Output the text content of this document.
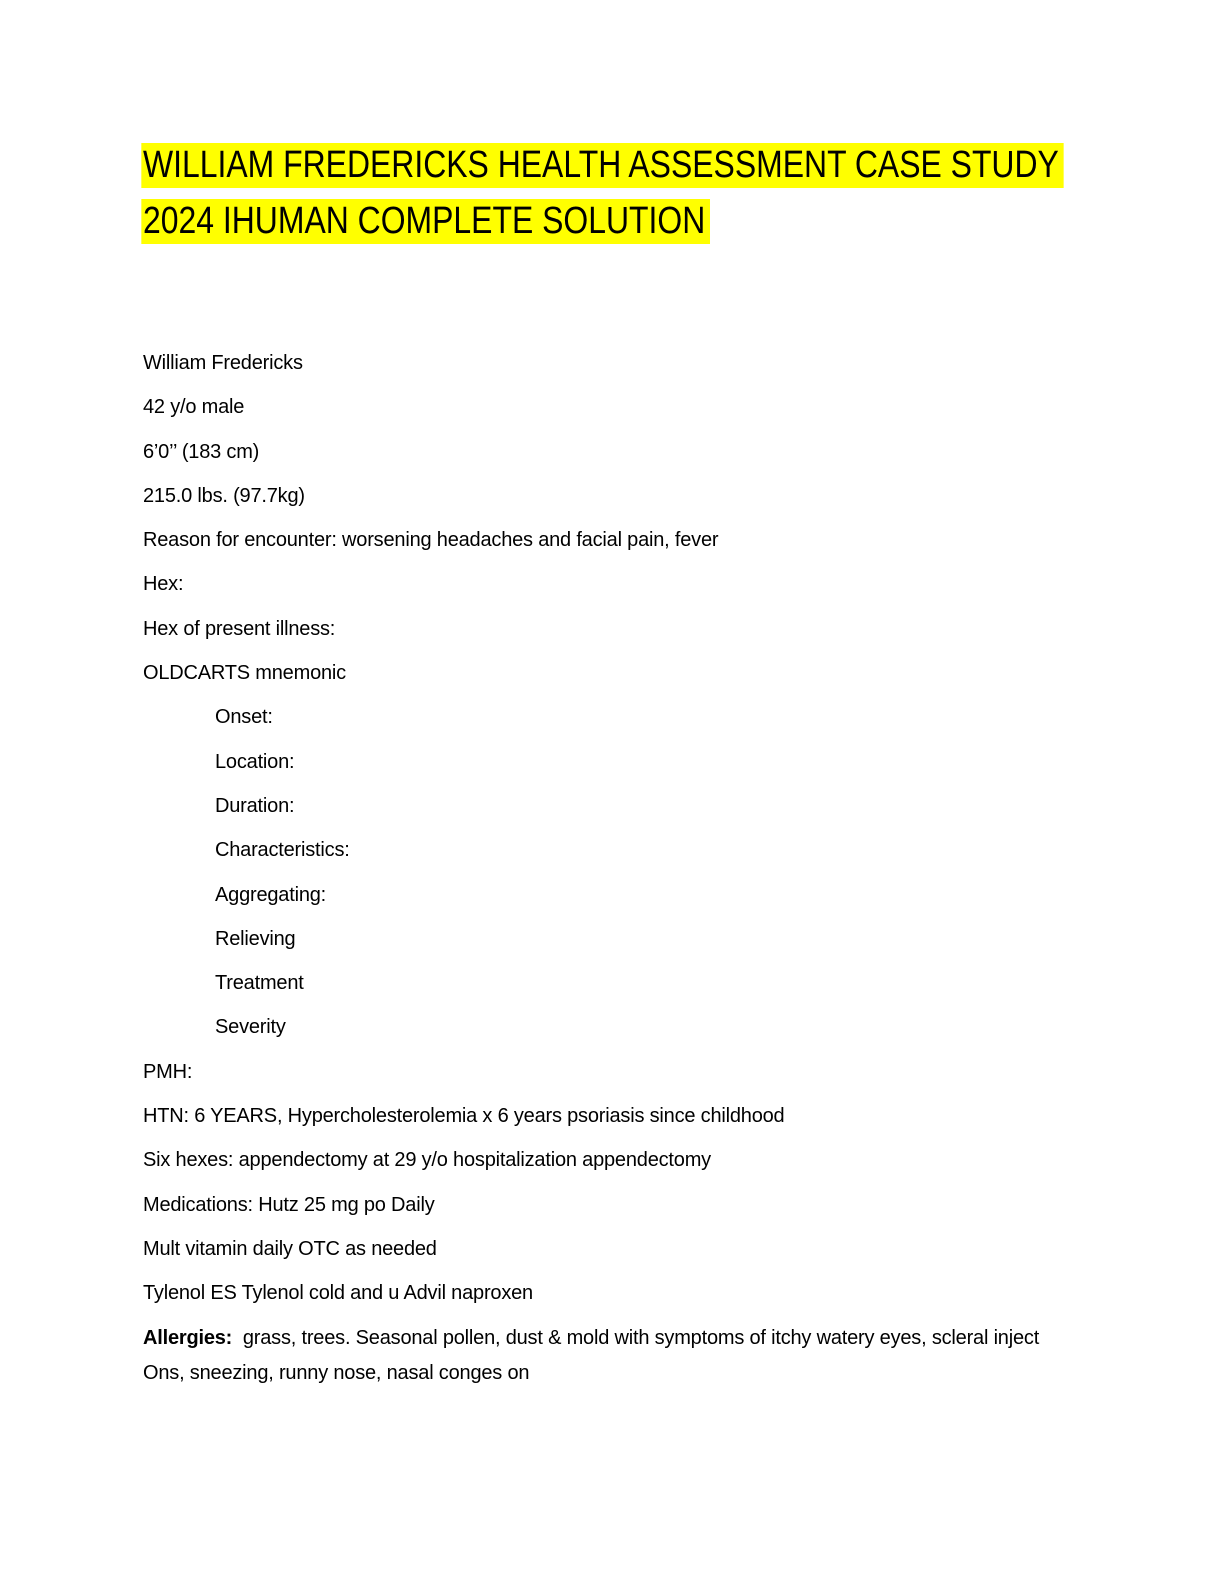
WILLIAM FREDERICKS HEALTH ASSESSMENT CASE STUDY
2024 IHUMAN COMPLETE SOLUTION

William Fredericks

42 y/o male

6’0’’ (183 cm)

215.0 lbs. (97.7kg)

Reason for encounter: worsening headaches and facial pain, fever

Hex:

Hex of present illness:

OLDCARTS mnemonic

Onset:

Location:

Duration:

Characteristics:

Aggregating:

Relieving

Treatment

Severity

PMH:

HTN: 6 YEARS, Hypercholesterolemia x 6 years psoriasis since childhood

Six hexes: appendectomy at 29 y/o hospitalization appendectomy

Medications: Hutz 25 mg po Daily

Mult vitamin daily OTC as needed

Tylenol ES Tylenol cold and u Advil naproxen

Allergies:  grass, trees. Seasonal pollen, dust & mold with symptoms of itchy watery eyes, scleral inject
Ons, sneezing, runny nose, nasal conges on
